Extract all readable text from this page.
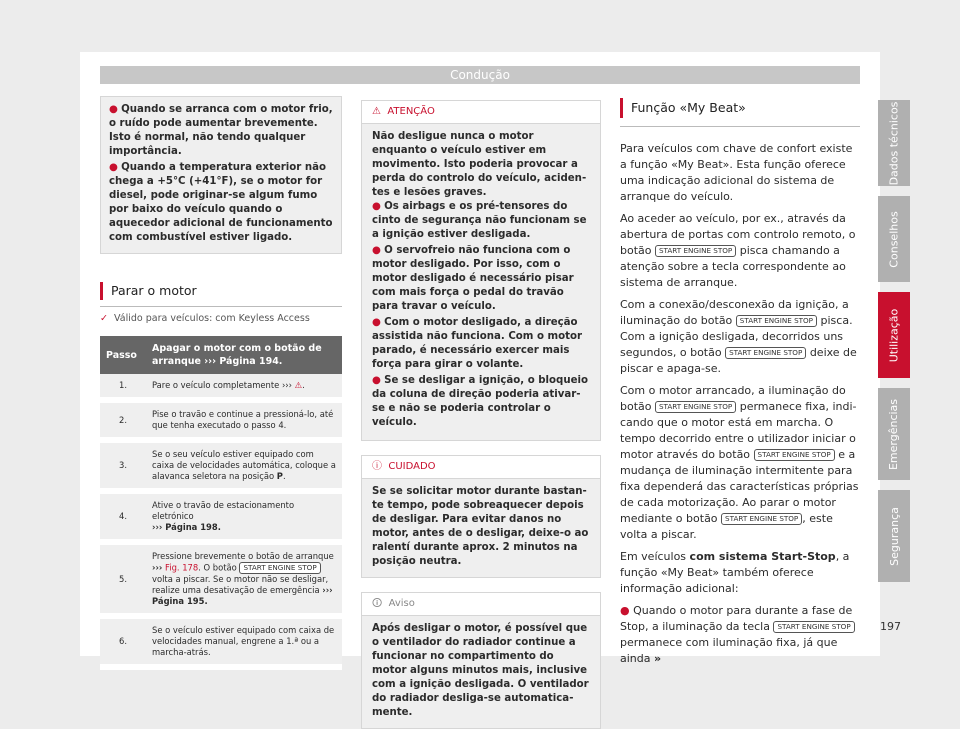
Condução
● Quando se arranca com o motor frio, o ruído pode aumentar brevemente. Isto é normal, não tendo qualquer importância.
● Quando a temperatura exterior não chega a +5°C (+41°F), se o motor for diesel, pode originar-se algum fumo por baixo do veículo quando o aquecedor adicional de funcionamento com combustível estiver ligado.
Parar o motor
✓ Válido para veículos: com Keyless Access
Passo	Apagar o motor com o botão de arranque ››› Página 194.
1.	Pare o veículo completamente ››› ⚠.
2.	Pise o travão e continue a pressioná-lo, até que tenha executado o passo 4.
3.	Se o seu veículo estiver equipado com caixa de velocidades automática, coloque a alavanca seletora na posição P.
4.	Ative o travão de estacionamento eletrónico
››› Página 198.
5.	Pressione brevemente o botão de arranque ››› Fig. 178. O botão START ENGINE STOP volta a piscar. Se o motor não se desligar, realize uma desativação de emergência ››› Página 195.
6.	Se o veículo estiver equipado com caixa de velocidades manual, engrene a 1.ª ou a marcha-atrás.
⚠ ATENÇÃO
Não desligue nunca o motor enquanto o veículo estiver em movimento. Isto poderia provocar a perda do controlo do veículo, acidentes e lesões graves.
● Os airbags e os pré-tensores do cinto de segurança não funcionam se a ignição estiver desligada.
● O servofreio não funciona com o motor desligado. Por isso, com o motor desligado é necessário pisar com mais força o pedal do travão para travar o veículo.
● Com o motor desligado, a direção assistida não funciona. Com o motor parado, é necessário exercer mais força para girar o volante.
● Se se desligar a ignição, o bloqueio da coluna de direção poderia ativar-se e não se poderia controlar o veículo.
ⓘ CUIDADO
Se se solicitar motor durante bastante tempo, pode sobreaquecer depois de desligar. Para evitar danos no motor, antes de o desligar, deixe-o ao ralentí durante aprox. 2 minutos na posição neutra.
🛈 Aviso
Após desligar o motor, é possível que o ventilador do radiador continue a funcionar no compartimento do motor alguns minutos mais, inclusive com a ignição desligada. O ventilador do radiador desliga-se automaticamente.
Função «My Beat»

Para veículos com chave de confort existe a função «My Beat». Esta função oferece uma indicação adicional do sistema de arranque do veículo.

Ao aceder ao veículo, por ex., através da abertura de portas com controlo remoto, o botão START ENGINE STOP pisca chamando a atenção sobre a tecla correspondente ao sistema de arranque.

Com a conexão/desconexão da ignição, a iluminação do botão START ENGINE STOP pisca. Com a ignição desligada, decorridos uns segundos, o botão START ENGINE STOP deixe de piscar e apaga-se.

Com o motor arrancado, a iluminação do botão START ENGINE STOP permanece fixa, indicando que o motor está em marcha. O tempo decorrido entre o utilizador iniciar o motor através do botão START ENGINE STOP e a mudança de iluminação intermitente para fixa dependerá das características próprias de cada motorização. Ao parar o motor mediante o botão START ENGINE STOP , este volta a piscar.

Em veículos com sistema Start-Stop, a função «My Beat» também oferece informação adicional:

● Quando o motor para durante a fase de Stop, a iluminação da tecla START ENGINE STOP permanece com iluminação fixa, já que ainda »

Dados técnicos
Conselhos
Utilização
Emergências
Segurança
197
